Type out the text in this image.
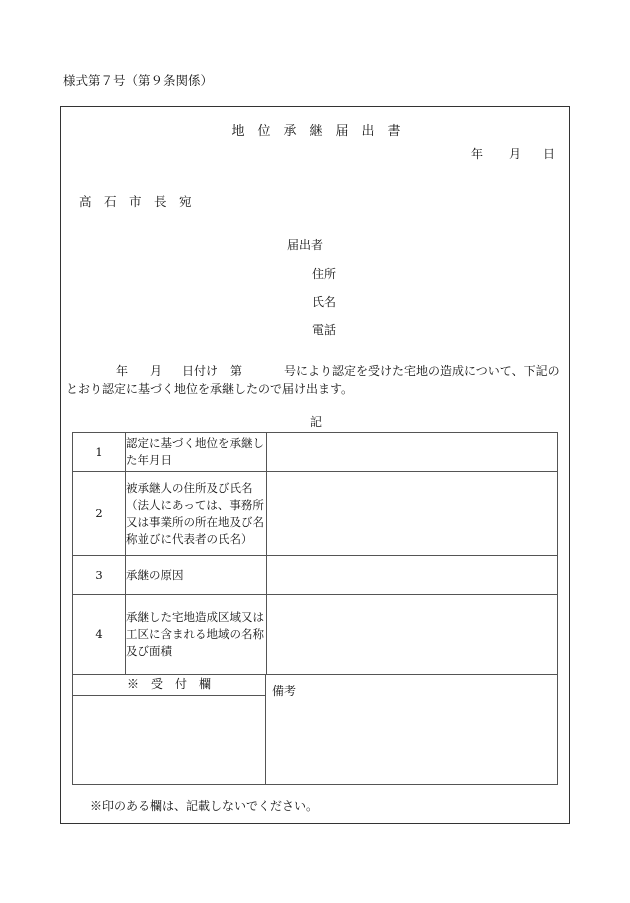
様式第７号（第９条関係）
地　位　承　継　届　出　書
年 月 日
高　石　市　長　宛
届出者
住所
氏名
電話
年 月 日付け　第	号により認定を受けた宅地の造成について、下記のとおり認定に基づく地位を承継したので届け出ます。
記
1	認定に基づく地位を承継した年月日	
2	被承継人の住所及び氏名（法人にあっては、事務所又は事業所の所在地及び名称並びに代表者の氏名）	
3	承継の原因	
4	承継した宅地造成区域又は工区に含まれる地域の名称及び面積	
※　受　付　欄	備考
※印のある欄は、記載しないでください。
